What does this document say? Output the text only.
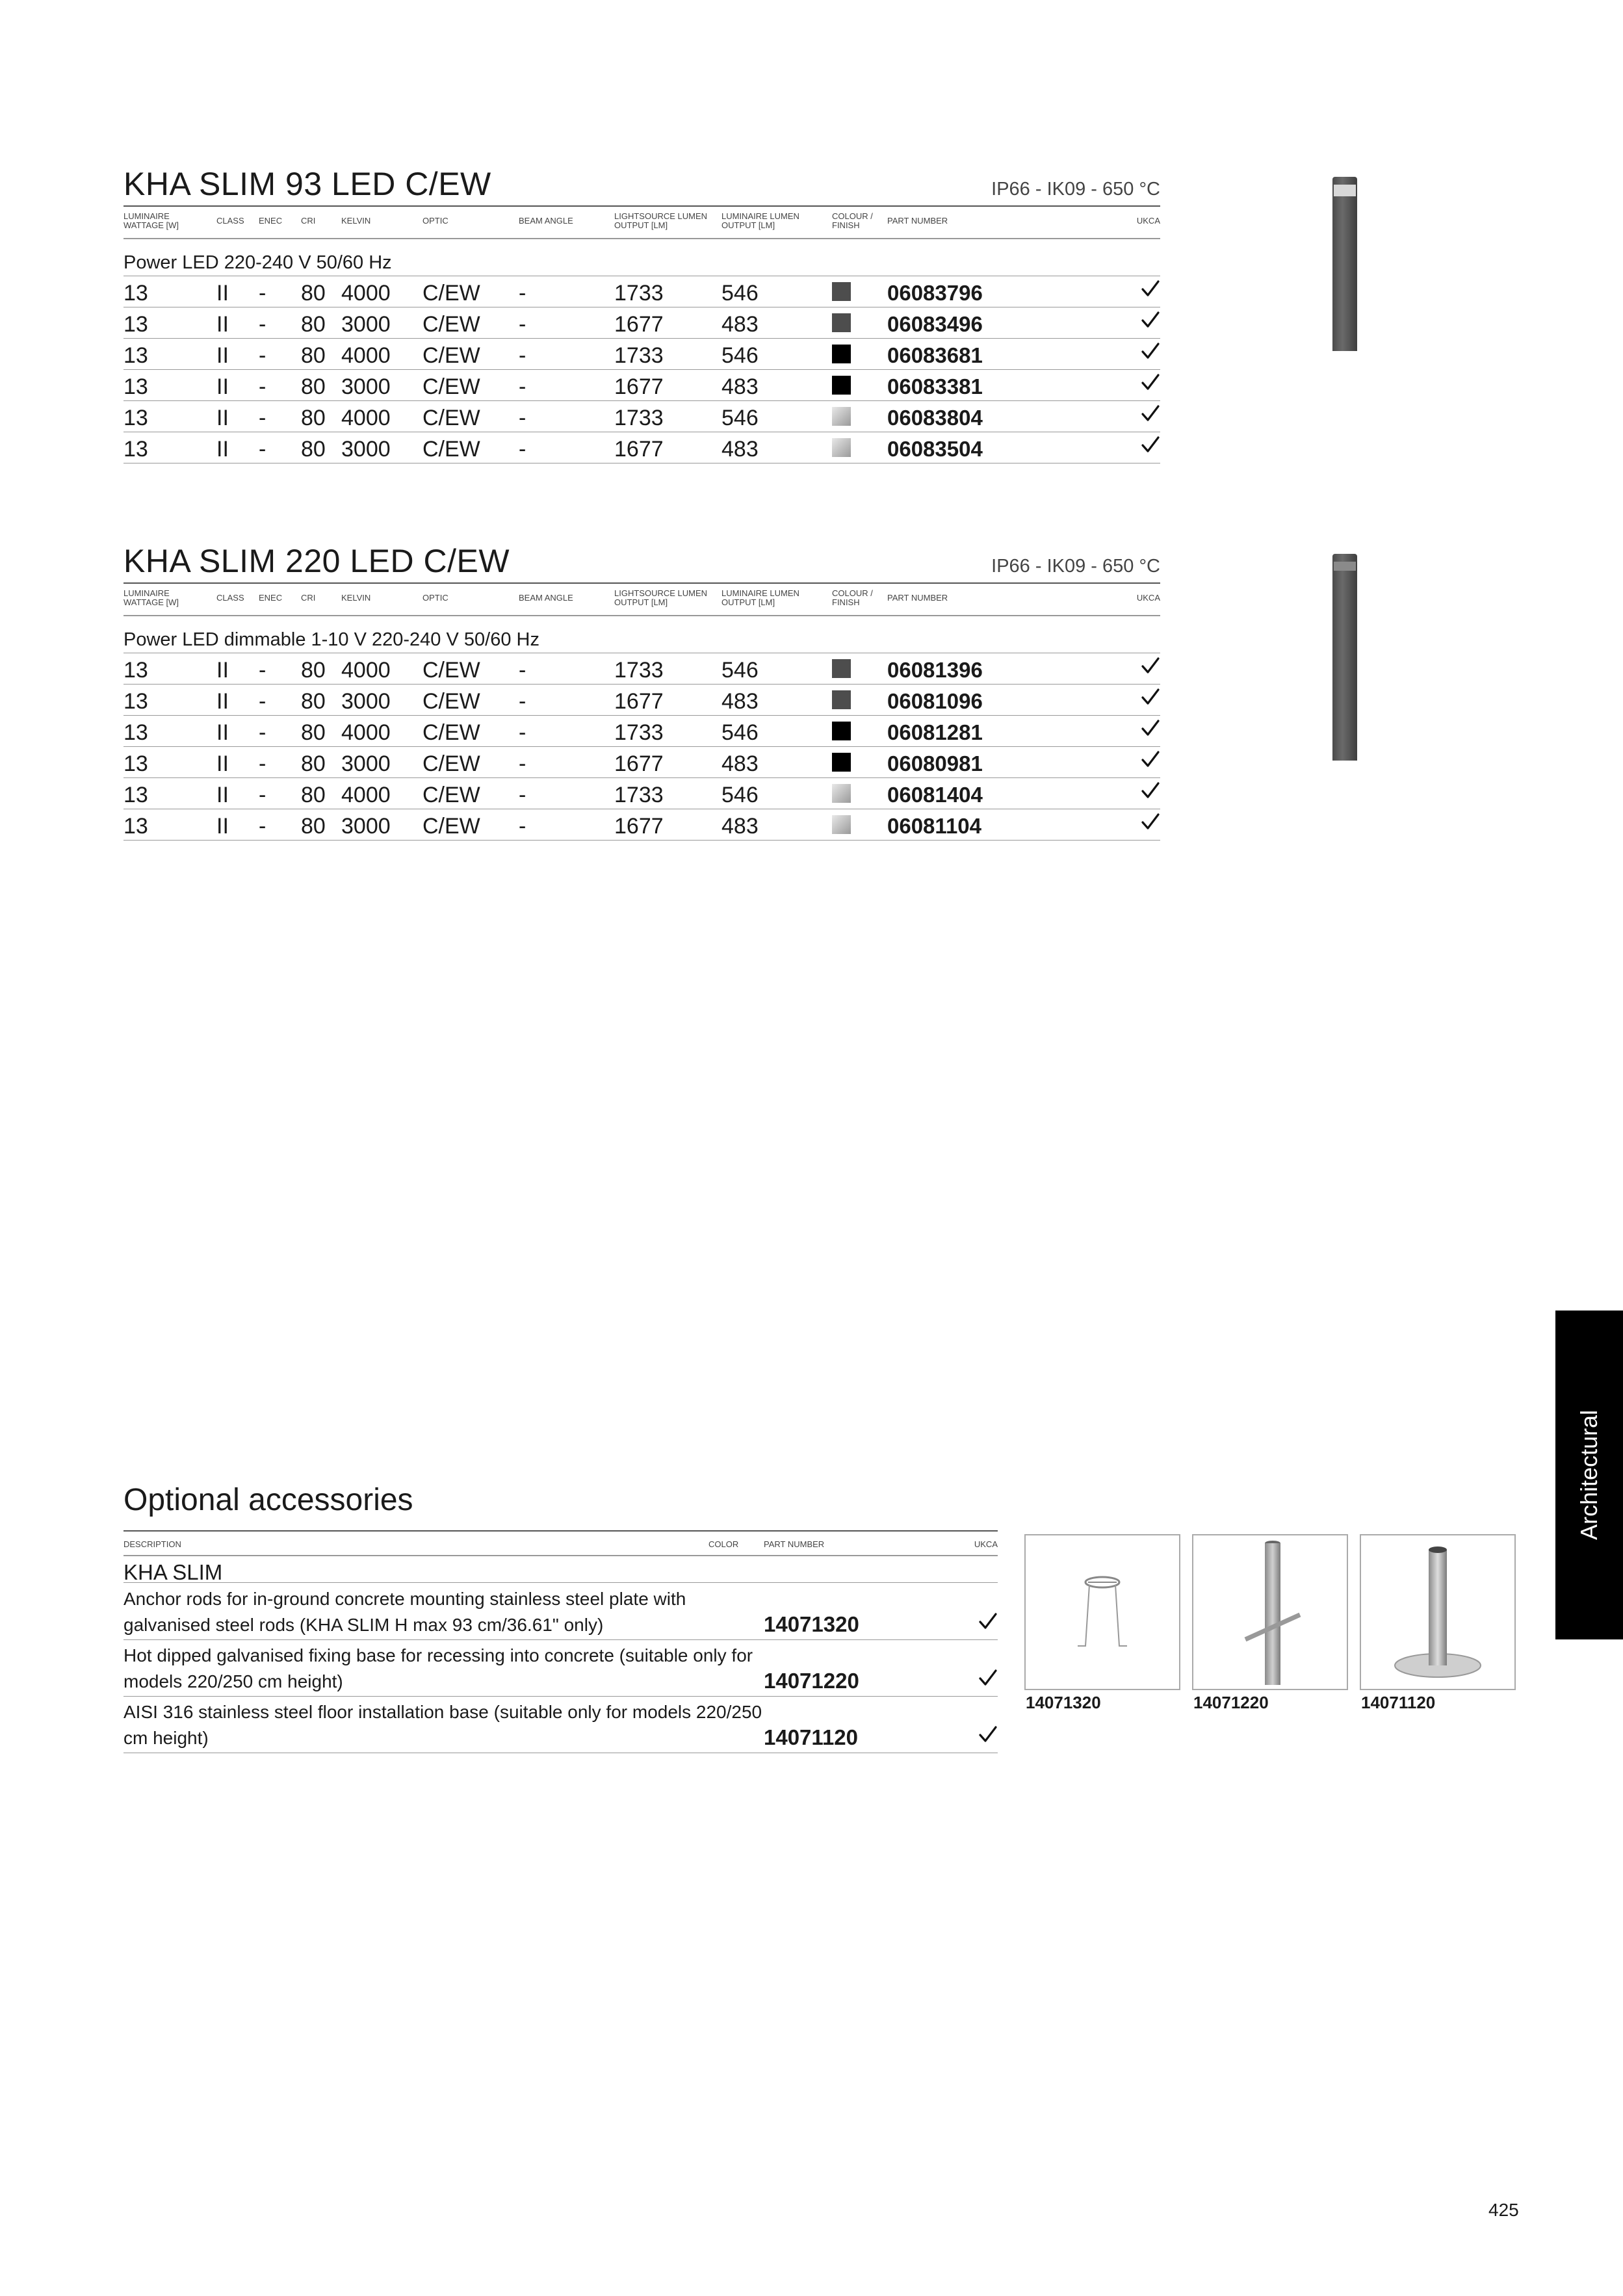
KHA SLIM 93 LED C/EW	IP66 - IK09 - 650 °C
LUMINAIRE
WATTAGE [W]	CLASS ENEC CRI	KELVIN	OPTIC	BEAM ANGLE	LIGHTSOURCE LUMEN
OUTPUT [LM]
LUMINAIRE LUMEN
OUTPUT [LM]
COLOUR /
FINISH	PART NUMBER	UKCA
Power LED 220-240 V 50/60 Hz
13	II - 80 4000 C/EW -	1733	546	06083796
13	II - 80 3000 C/EW -	1677	483	06083496
13	II - 80 4000 C/EW -	1733	546	06083681
13	II - 80 3000 C/EW -	1677	483	06083381
13	II - 80 4000 C/EW -	1733	546	06083804
13	II - 80 3000 C/EW -	1677	483	06083504
KHA SLIM 220 LED C/EW	IP66 - IK09 - 650 °C
LUMINAIRE
WATTAGE [W]	CLASS ENEC CRI	KELVIN	OPTIC	BEAM ANGLE	LIGHTSOURCE LUMEN
OUTPUT [LM]
LUMINAIRE LUMEN
OUTPUT [LM]
COLOUR /
FINISH	PART NUMBER	UKCA
Power LED dimmable 1-10 V 220-240 V 50/60 Hz
13	II - 80 4000 C/EW -	1733	546	06081396
13	II - 80 3000 C/EW -	1677	483	06081096
13	II - 80 4000 C/EW -	1733	546	06081281
13	II - 80 3000 C/EW -	1677	483	06080981
13	II - 80 4000 C/EW -	1733	546	06081404
13	II - 80 3000 C/EW -	1677	483	06081104
Optional accessories
DESCRIPTION	COLOR	PART NUMBER	UKCA
KHA SLIM
Anchor rods for in-ground concrete mounting stainless steel plate with
galvanised steel rods (KHA SLIM H max 93 cm/36.61" only)	14071320
Hot dipped galvanised fixing base for recessing into concrete (suitable only for
models 220/250 cm height)	14071220
AISI 316 stainless steel floor installation base (suitable only for models 220/250
cm height)	14071120
14071320	14071220	14071120
Architectural
425
